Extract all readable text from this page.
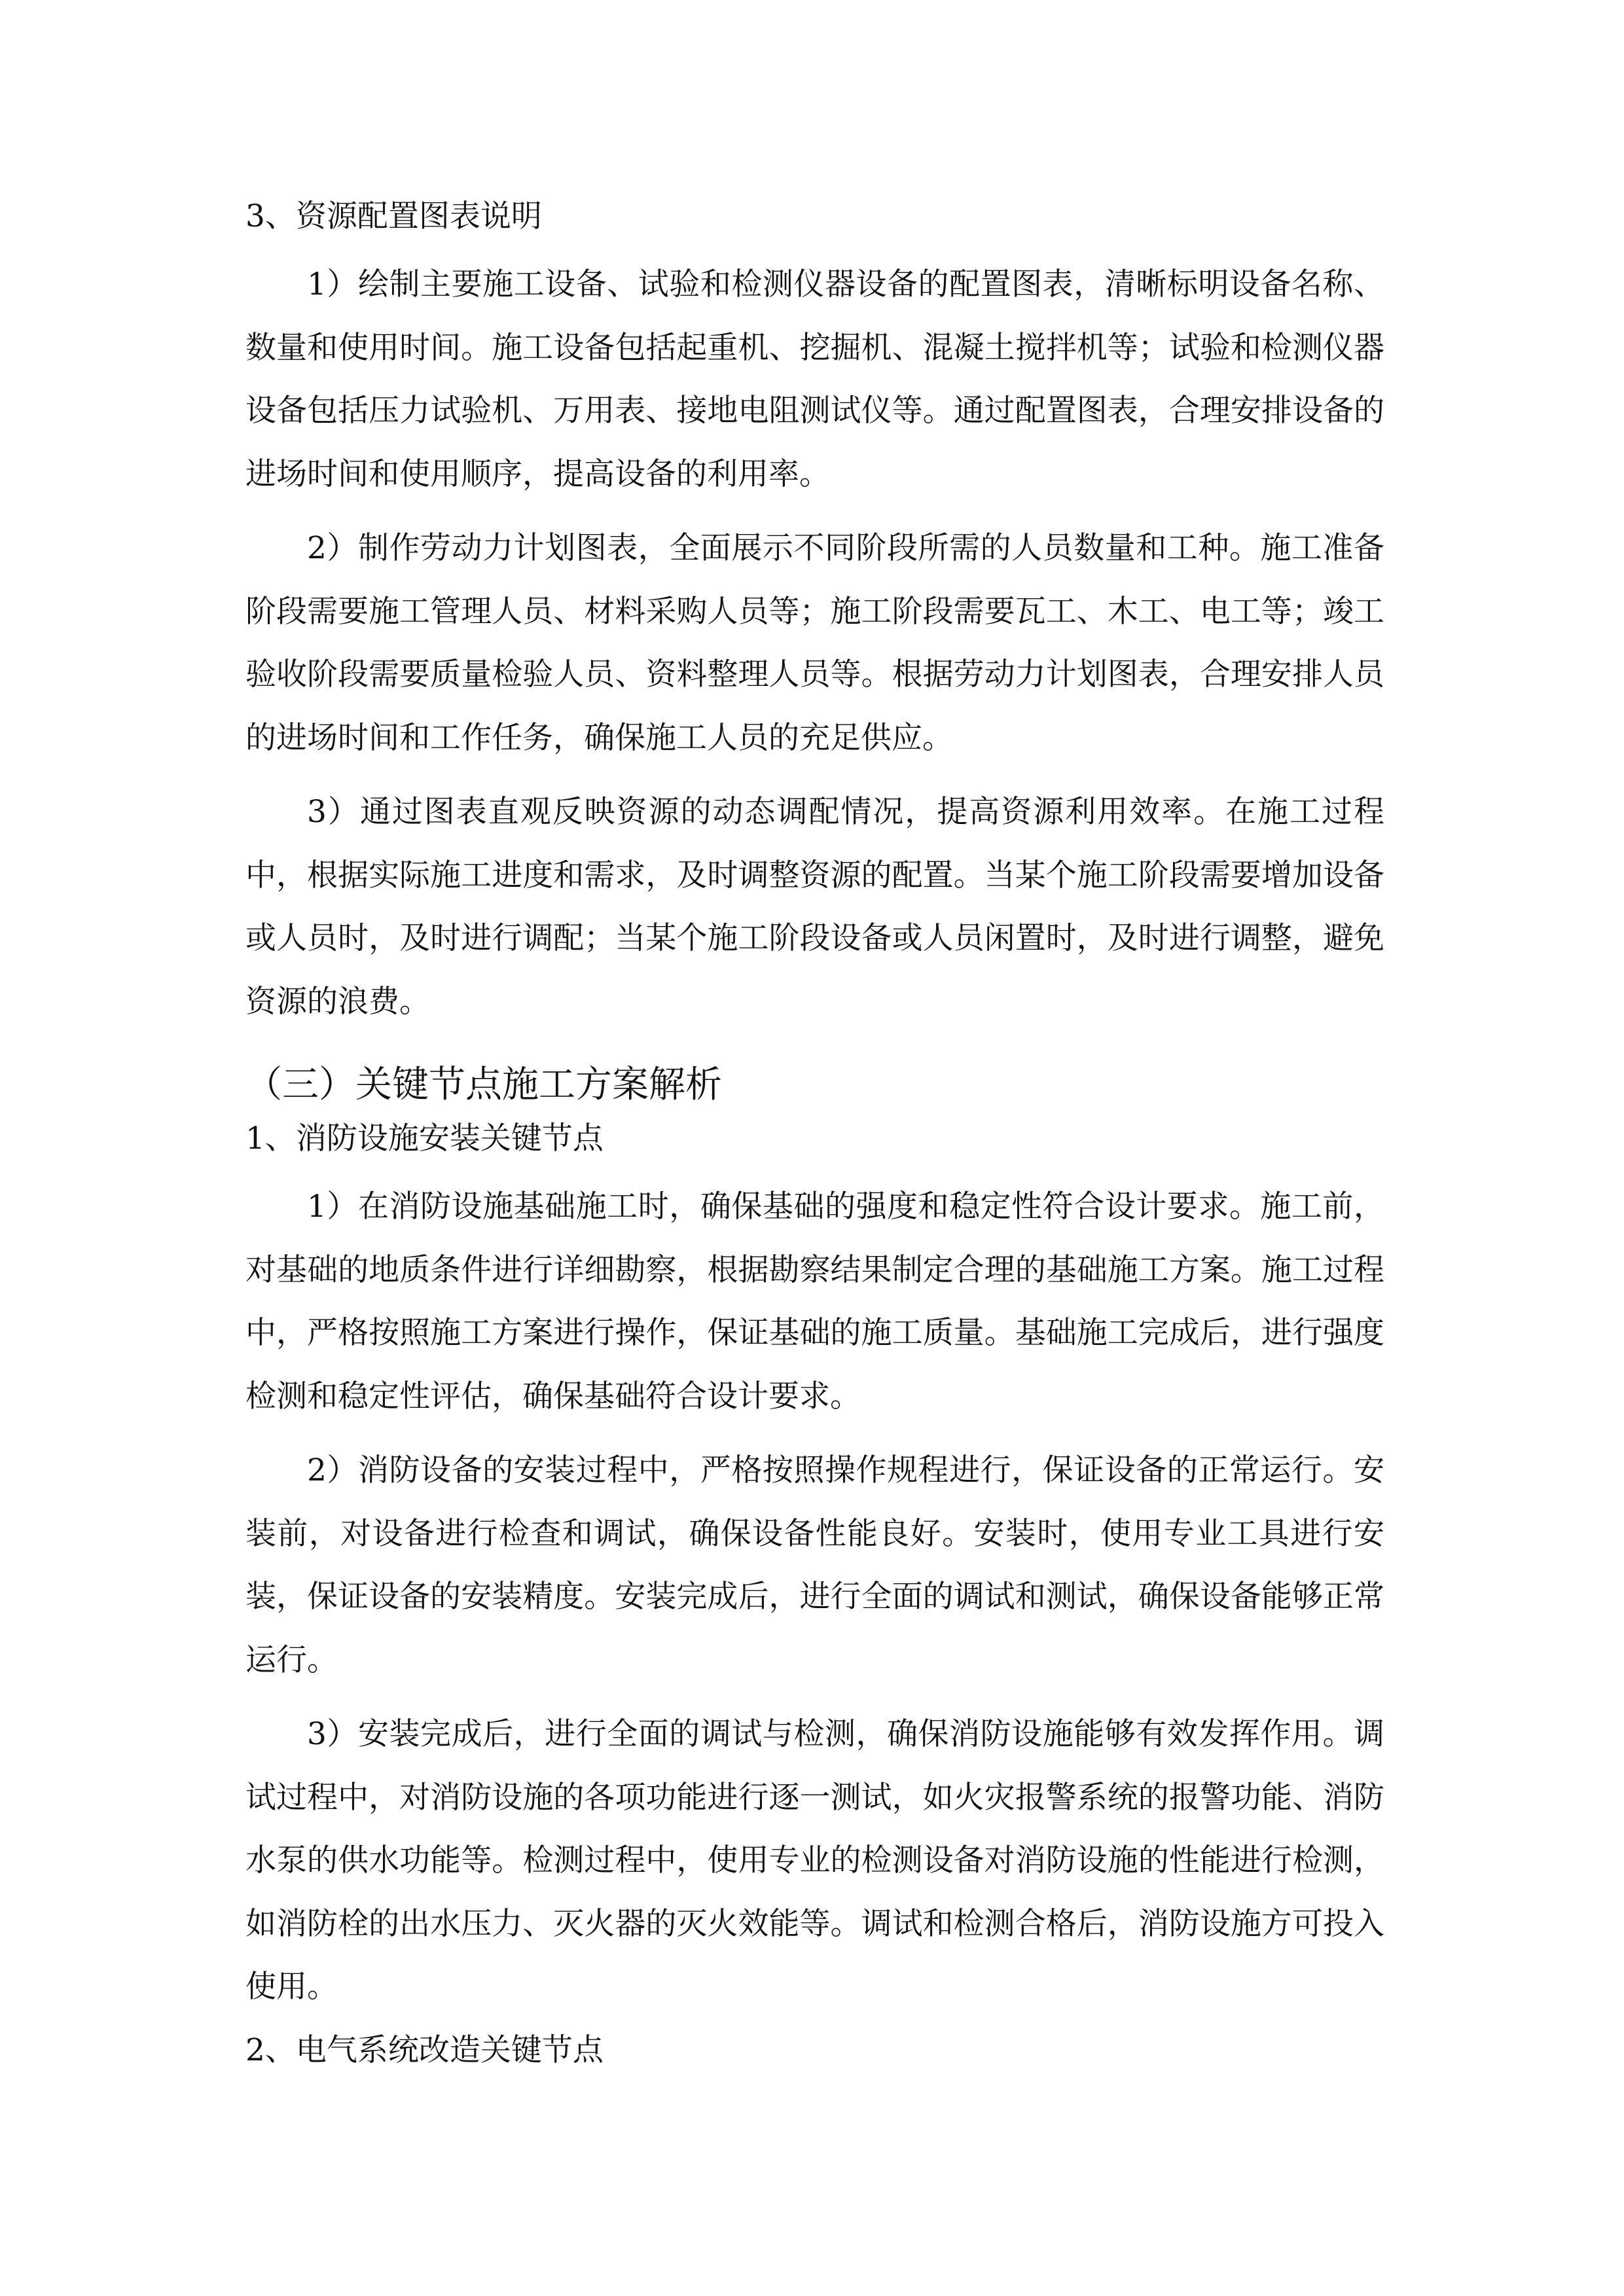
3、资源配置图表说明

1）绘制主要施工设备、试验和检测仪器设备的配置图表，清晰标明设备名称、数量和使用时间。施工设备包括起重机、挖掘机、混凝土搅拌机等；试验和检测仪器设备包括压力试验机、万用表、接地电阻测试仪等。通过配置图表，合理安排设备的进场时间和使用顺序，提高设备的利用率。

2）制作劳动力计划图表，全面展示不同阶段所需的人员数量和工种。施工准备阶段需要施工管理人员、材料采购人员等；施工阶段需要瓦工、木工、电工等；竣工验收阶段需要质量检验人员、资料整理人员等。根据劳动力计划图表，合理安排人员的进场时间和工作任务，确保施工人员的充足供应。

3）通过图表直观反映资源的动态调配情况，提高资源利用效率。在施工过程中，根据实际施工进度和需求，及时调整资源的配置。当某个施工阶段需要增加设备或人员时，及时进行调配；当某个施工阶段设备或人员闲置时，及时进行调整，避免资源的浪费。

（三）关键节点施工方案解析
1、消防设施安装关键节点

1）在消防设施基础施工时，确保基础的强度和稳定性符合设计要求。施工前，对基础的地质条件进行详细勘察，根据勘察结果制定合理的基础施工方案。施工过程中，严格按照施工方案进行操作，保证基础的施工质量。基础施工完成后，进行强度检测和稳定性评估，确保基础符合设计要求。

2）消防设备的安装过程中，严格按照操作规程进行，保证设备的正常运行。安装前，对设备进行检查和调试，确保设备性能良好。安装时，使用专业工具进行安装，保证设备的安装精度。安装完成后，进行全面的调试和测试，确保设备能够正常运行。

3）安装完成后，进行全面的调试与检测，确保消防设施能够有效发挥作用。调试过程中，对消防设施的各项功能进行逐一测试，如火灾报警系统的报警功能、消防水泵的供水功能等。检测过程中，使用专业的检测设备对消防设施的性能进行检测，如消防栓的出水压力、灭火器的灭火效能等。调试和检测合格后，消防设施方可投入使用。

2、电气系统改造关键节点
